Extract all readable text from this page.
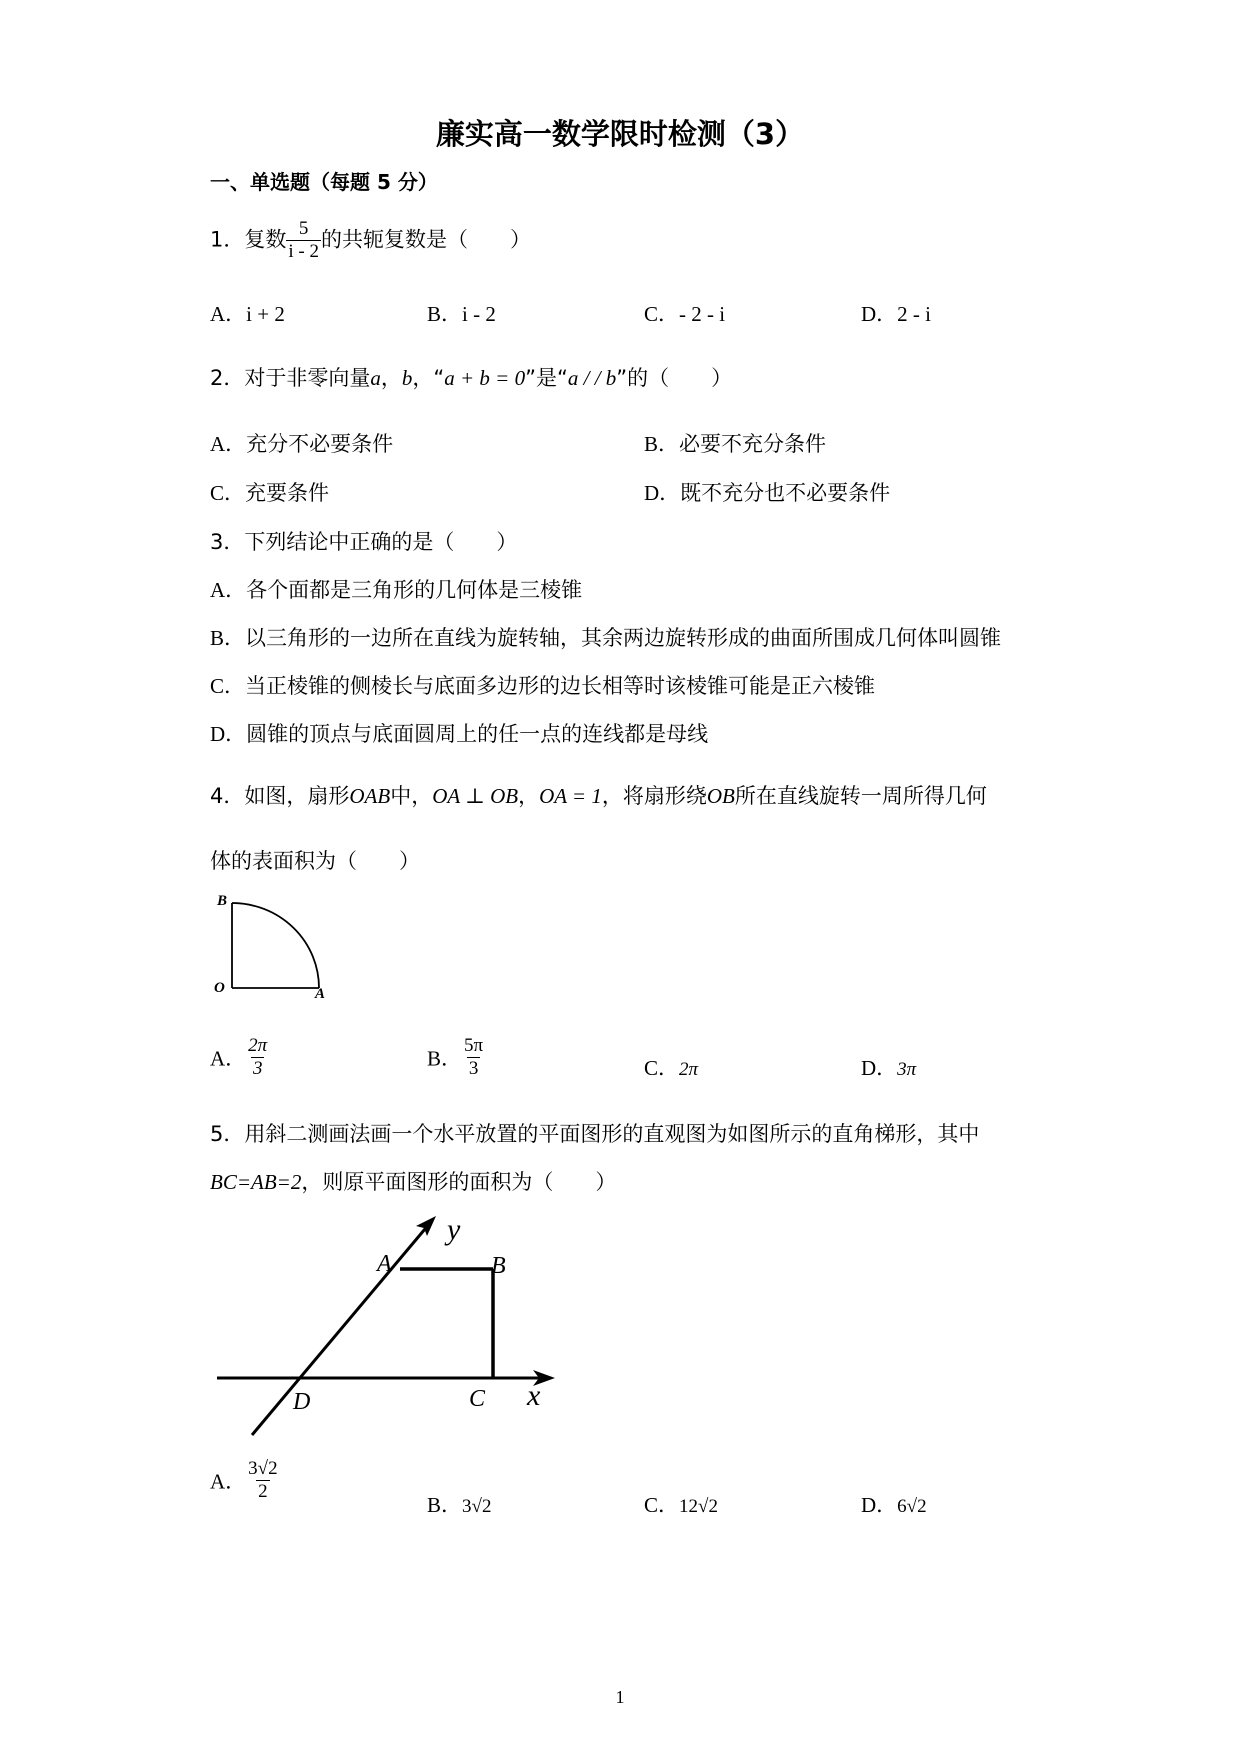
廉实高一数学限时检测（3）
一、单选题（每题 5 分）
1．复数 $\frac{5}{i - 2}$ 的共轭复数是（　　）
A．i + 2	B．i - 2	C．- 2 - i	D．2 - i
2．对于非零向量a，b，“a + b = 0”是“a / / b”的（　　）
A．充分不必要条件	B．必要不充分条件
C．充要条件	D．既不充分也不必要条件
3．下列结论中正确的是（　　）
A．各个面都是三角形的几何体是三棱锥
B．以三角形的一边所在直线为旋转轴，其余两边旋转形成的曲面所围成几何体叫圆锥
C．当正棱锥的侧棱长与底面多边形的边长相等时该棱锥可能是正六棱锥
D．圆锥的顶点与底面圆周上的任一点的连线都是母线
4．如图，扇形OAB中，OA ⊥ OB，OA = 1，将扇形绕OB所在直线旋转一周所得几何
体的表面积为（　　）
B
O	A
A． $\frac{2\pi}{3}$	B． $\frac{5\pi}{3}$	C．2π	D．3π
5．用斜二测画法画一个水平放置的平面图形的直观图为如图所示的直角梯形，其中
BC=AB=2，则原平面图形的面积为（　　）
y
A	B
D	C x
A． $\frac{3√2}{2}$
B．3√2	C．12√2	D．6√2
1
